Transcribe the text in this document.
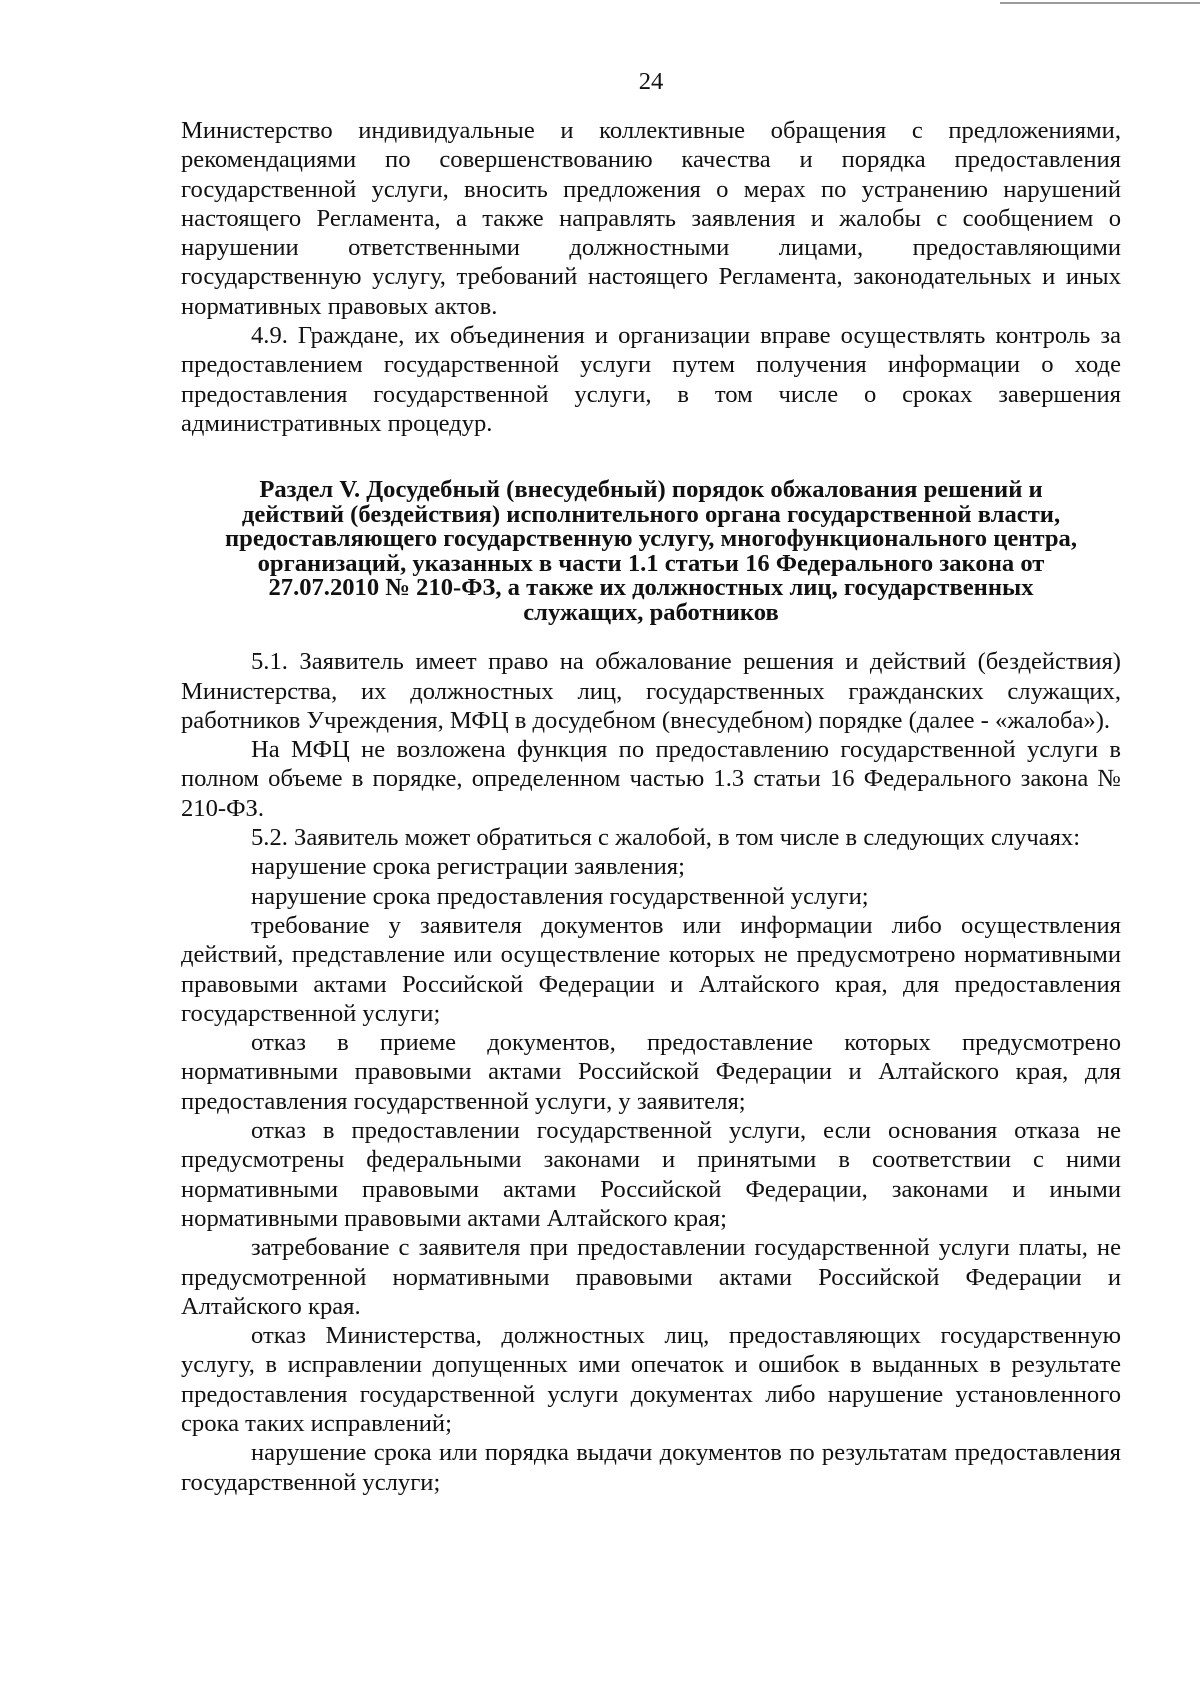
24

Министерство индивидуальные и коллективные обращения с предложениями, рекомендациями по совершенствованию качества и порядка предоставления государственной услуги, вносить предложения о мерах по устранению нарушений настоящего Регламента, а также направлять заявления и жалобы с сообщением о нарушении ответственными должностными лицами, предоставляющими государственную услугу, требований настоящего Регламента, законодательных и иных нормативных правовых актов.

4.9. Граждане, их объединения и организации вправе осуществлять контроль за предоставлением государственной услуги путем получения информации о ходе предоставления государственной услуги, в том числе о сроках завершения административных процедур.

Раздел V. Досудебный (внесудебный) порядок обжалования решений и
действий (бездействия) исполнительного органа государственной власти,
предоставляющего государственную услугу, многофункционального центра,
организаций, указанных в части 1.1 статьи 16 Федерального закона от
27.07.2010 № 210-ФЗ, а также их должностных лиц, государственных
служащих, работников

5.1. Заявитель имеет право на обжалование решения и действий (бездействия) Министерства, их должностных лиц, государственных гражданских служащих, работников Учреждения, МФЦ в досудебном (внесудебном) порядке (далее - «жалоба»).

На МФЦ не возложена функция по предоставлению государственной услуги в полном объеме в порядке, определенном частью 1.3 статьи 16 Федерального закона № 210-ФЗ.

5.2. Заявитель может обратиться с жалобой, в том числе в следующих случаях:

нарушение срока регистрации заявления;

нарушение срока предоставления государственной услуги;

требование у заявителя документов или информации либо осуществления действий, представление или осуществление которых не предусмотрено нормативными правовыми актами Российской Федерации и Алтайского края, для предоставления государственной услуги;

отказ в приеме документов, предоставление которых предусмотрено нормативными правовыми актами Российской Федерации и Алтайского края, для предоставления государственной услуги, у заявителя;

отказ в предоставлении государственной услуги, если основания отказа не предусмотрены федеральными законами и принятыми в соответствии с ними нормативными правовыми актами Российской Федерации, законами и иными нормативными правовыми актами Алтайского края;

затребование с заявителя при предоставлении государственной услуги платы, не предусмотренной нормативными правовыми актами Российской Федерации и Алтайского края.

отказ Министерства, должностных лиц, предоставляющих государственную услугу, в исправлении допущенных ими опечаток и ошибок в выданных в результате предоставления государственной услуги документах либо нарушение установленного срока таких исправлений;

нарушение срока или порядка выдачи документов по результатам предоставления государственной услуги;
